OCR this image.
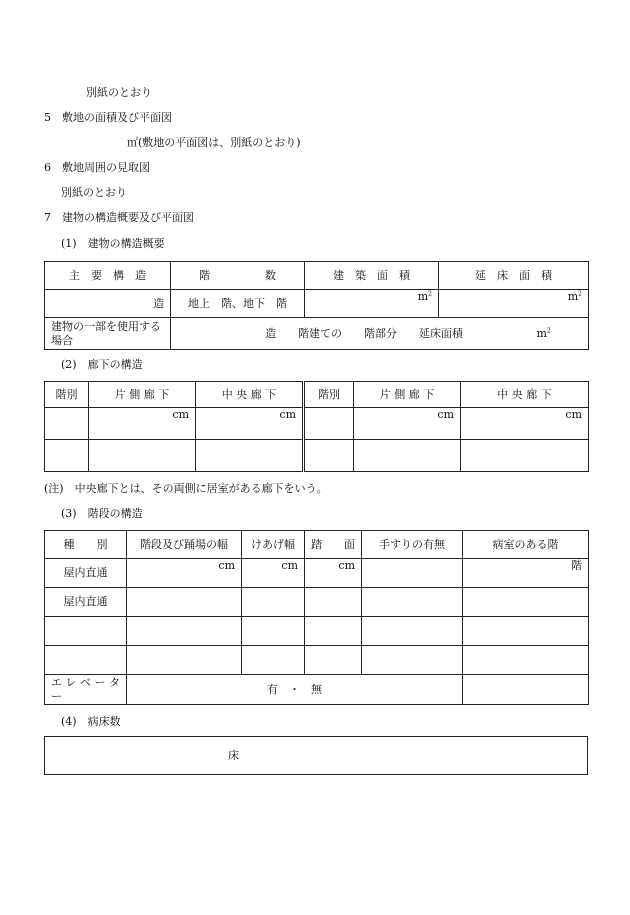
別紙のとおり
5　敷地の面積及び平面図
㎡(敷地の平面図は、別紙のとおり)
6　敷地周囲の見取図
別紙のとおり
7　建物の構造概要及び平面図
(1)　建物の構造概要
主　要　構　造	階　　　　　数	建　築　面　積	延　床　面　積
造	地上　階、地下　階	$m^2$	$m^2$
建物の一部を使用する場合	造　　階建ての　　階部分　　延床面積 $m^2$
(2)　廊下の構造
階別	片 側 廊 下	中 央 廊 下	階別	片 側 廊 下	中 央 廊 下
	cm	cm		cm	cm

(注)　中央廊下とは、その両側に居室がある廊下をいう。
(3)　階段の構造
種　　別	階段及び踊場の幅	けあげ幅	踏　　面	手すりの有無	病室のある階
屋内直通	cm	cm	cm		階
屋内直通					

エ レ ベ ー タ ー	有　・　無				
(4)　病床数
床
